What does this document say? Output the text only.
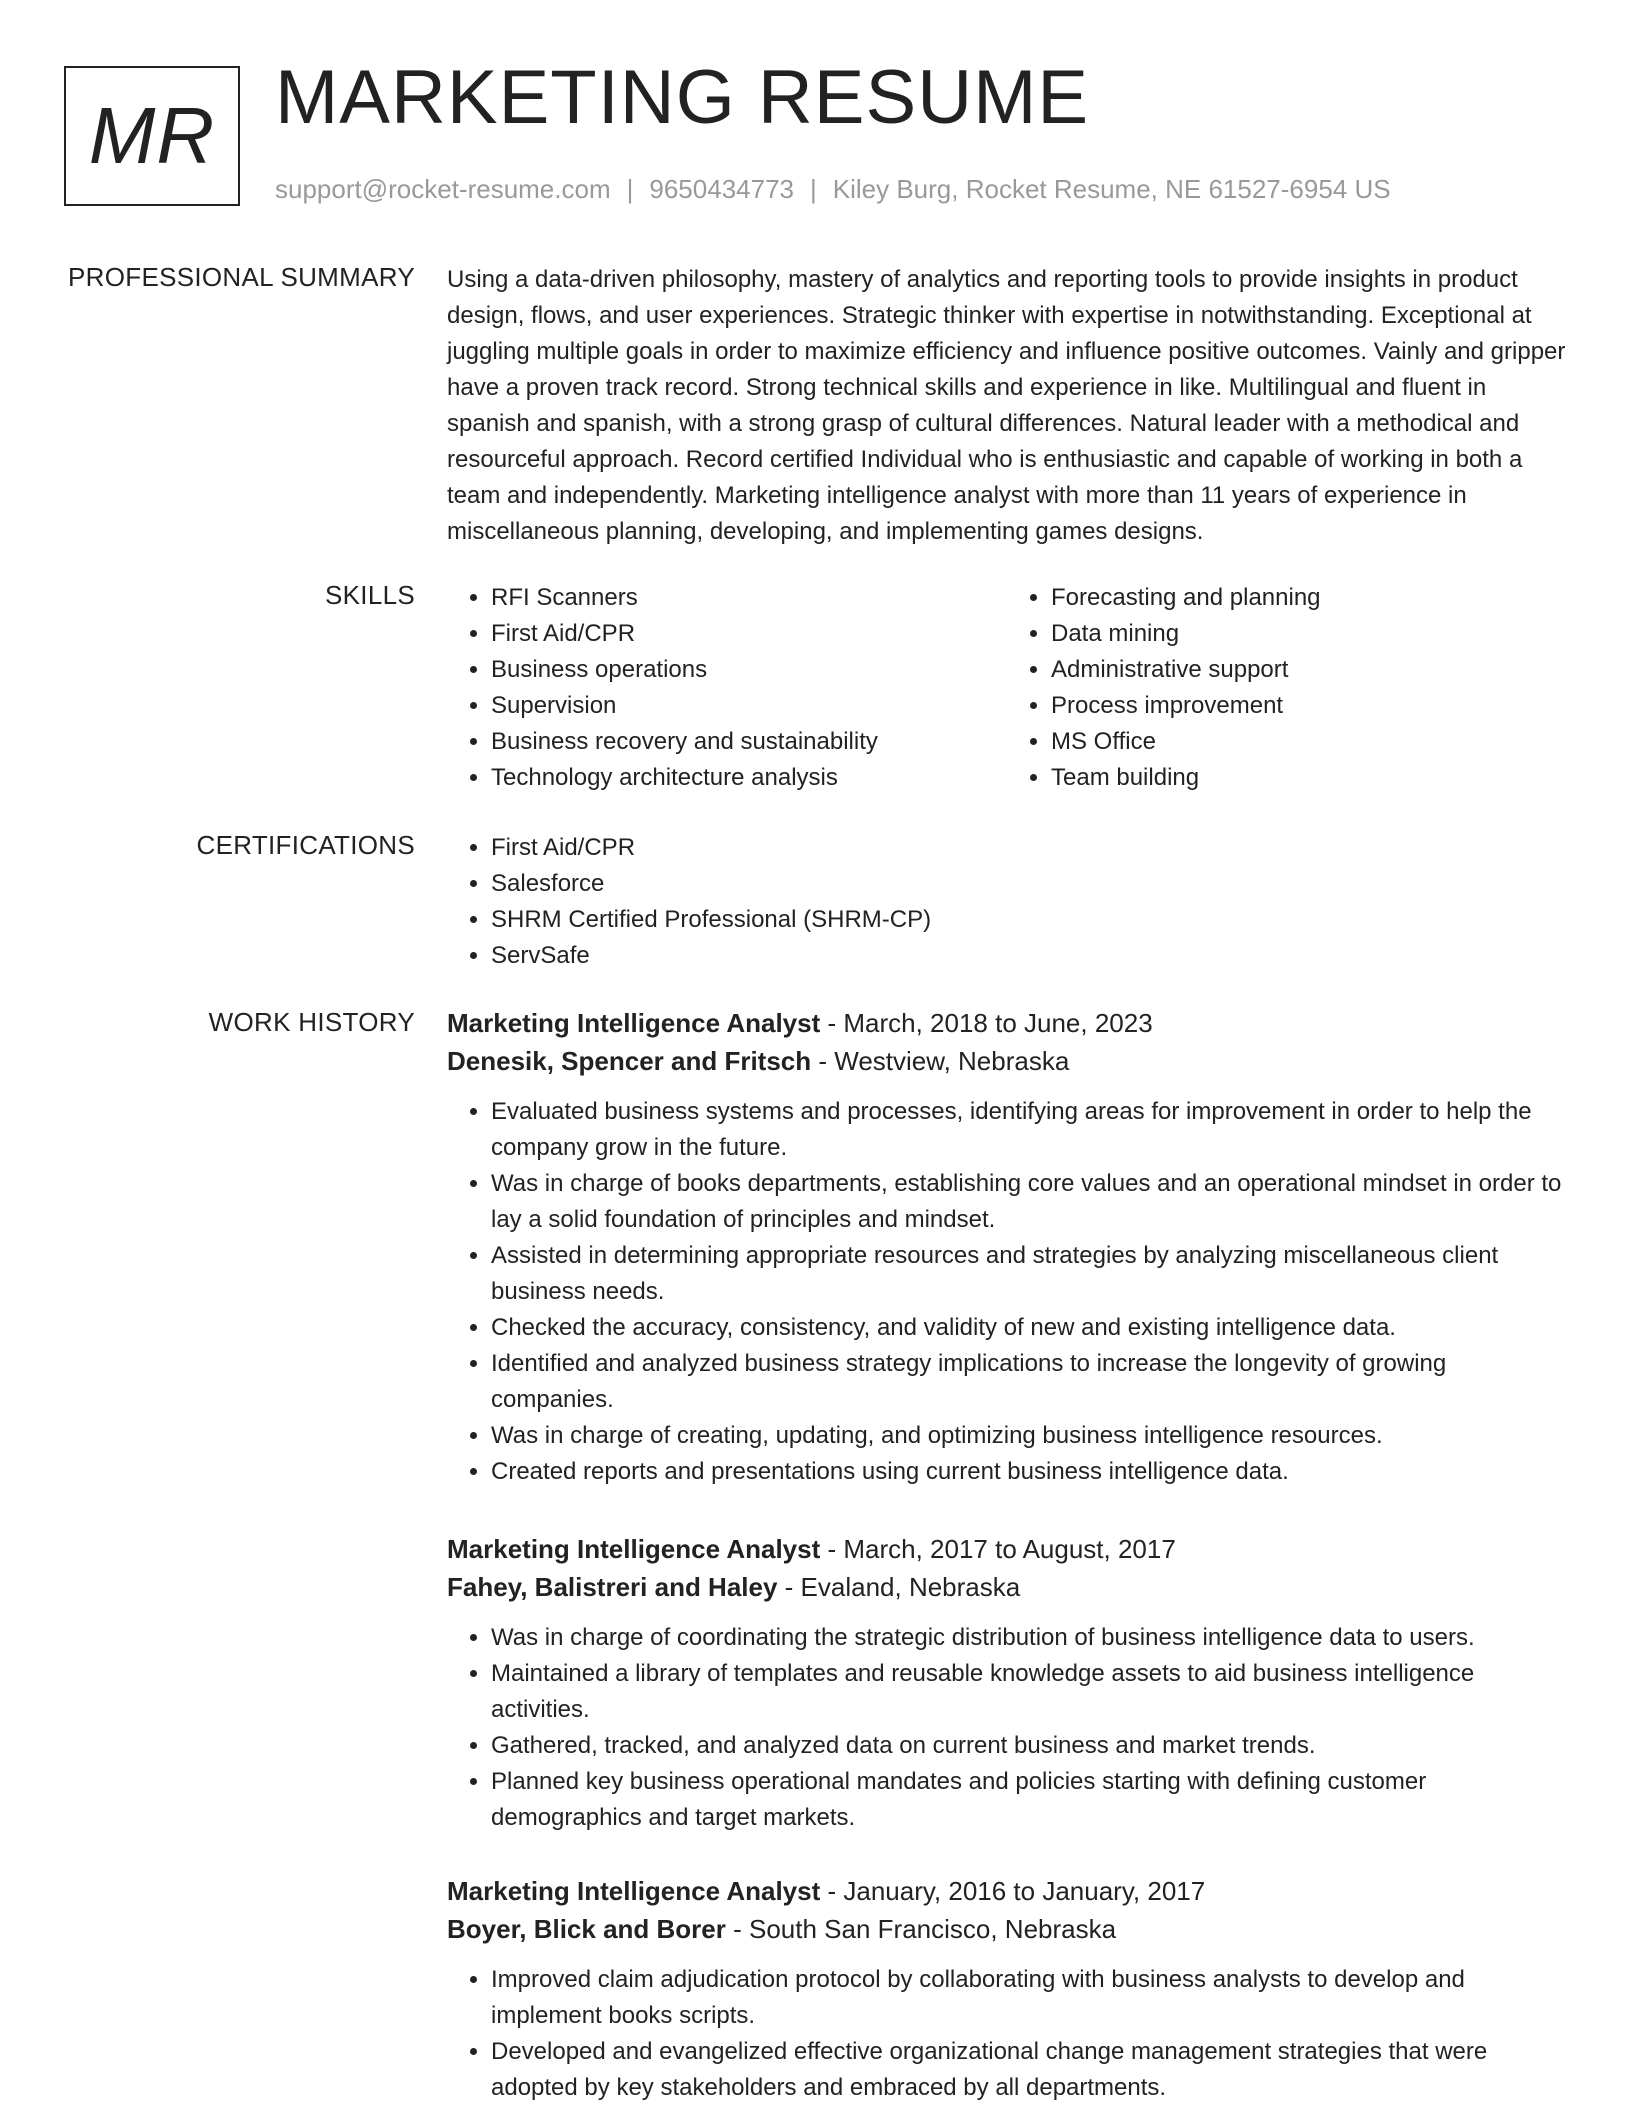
MR MARKETING RESUME
support@rocket-resume.com | 9650434773 | Kiley Burg, Rocket Resume, NE 61527-6954 US
PROFESSIONAL SUMMARY Using a data-driven philosophy, mastery of analytics and reporting tools to provide insights in product design, flows, and user experiences. Strategic thinker with expertise in notwithstanding. Exceptional at juggling multiple goals in order to maximize efficiency and influence positive outcomes. Vainly and gripper have a proven track record. Strong technical skills and experience in like. Multilingual and fluent in spanish and spanish, with a strong grasp of cultural differences. Natural leader with a methodical and resourceful approach. Record certified Individual who is enthusiastic and capable of working in both a team and independently. Marketing intelligence analyst with more than 11 years of experience in miscellaneous planning, developing, and implementing games designs.

SKILLS	• RFI Scanners
• First Aid/CPR
• Business operations
• Supervision
• Business recovery and sustainability
• Technology architecture analysis
• Forecasting and planning
• Data mining
• Administrative support
• Process improvement
• MS Office
• Team building
CERTIFICATIONS	• First Aid/CPR
• Salesforce
• SHRM Certified Professional (SHRM-CP)
• ServSafe
WORK HISTORY Marketing Intelligence Analyst - March, 2018 to June, 2023
Denesik, Spencer and Fritsch - Westview, Nebraska
• Evaluated business systems and processes, identifying areas for improvement in order to help the company grow in the future.
• Was in charge of books departments, establishing core values and an operational mindset in order to lay a solid foundation of principles and mindset.
• Assisted in determining appropriate resources and strategies by analyzing miscellaneous client business needs.
• Checked the accuracy, consistency, and validity of new and existing intelligence data.
• Identified and analyzed business strategy implications to increase the longevity of growing companies.
• Was in charge of creating, updating, and optimizing business intelligence resources.
• Created reports and presentations using current business intelligence data.
Marketing Intelligence Analyst - March, 2017 to August, 2017
Fahey, Balistreri and Haley - Evaland, Nebraska
• Was in charge of coordinating the strategic distribution of business intelligence data to users.
• Maintained a library of templates and reusable knowledge assets to aid business intelligence activities.
• Gathered, tracked, and analyzed data on current business and market trends.
• Planned key business operational mandates and policies starting with defining customer demographics and target markets.
Marketing Intelligence Analyst - January, 2016 to January, 2017
Boyer, Blick and Borer - South San Francisco, Nebraska
• Improved claim adjudication protocol by collaborating with business analysts to develop and implement books scripts.
• Developed and evangelized effective organizational change management strategies that were adopted by key stakeholders and embraced by all departments.
